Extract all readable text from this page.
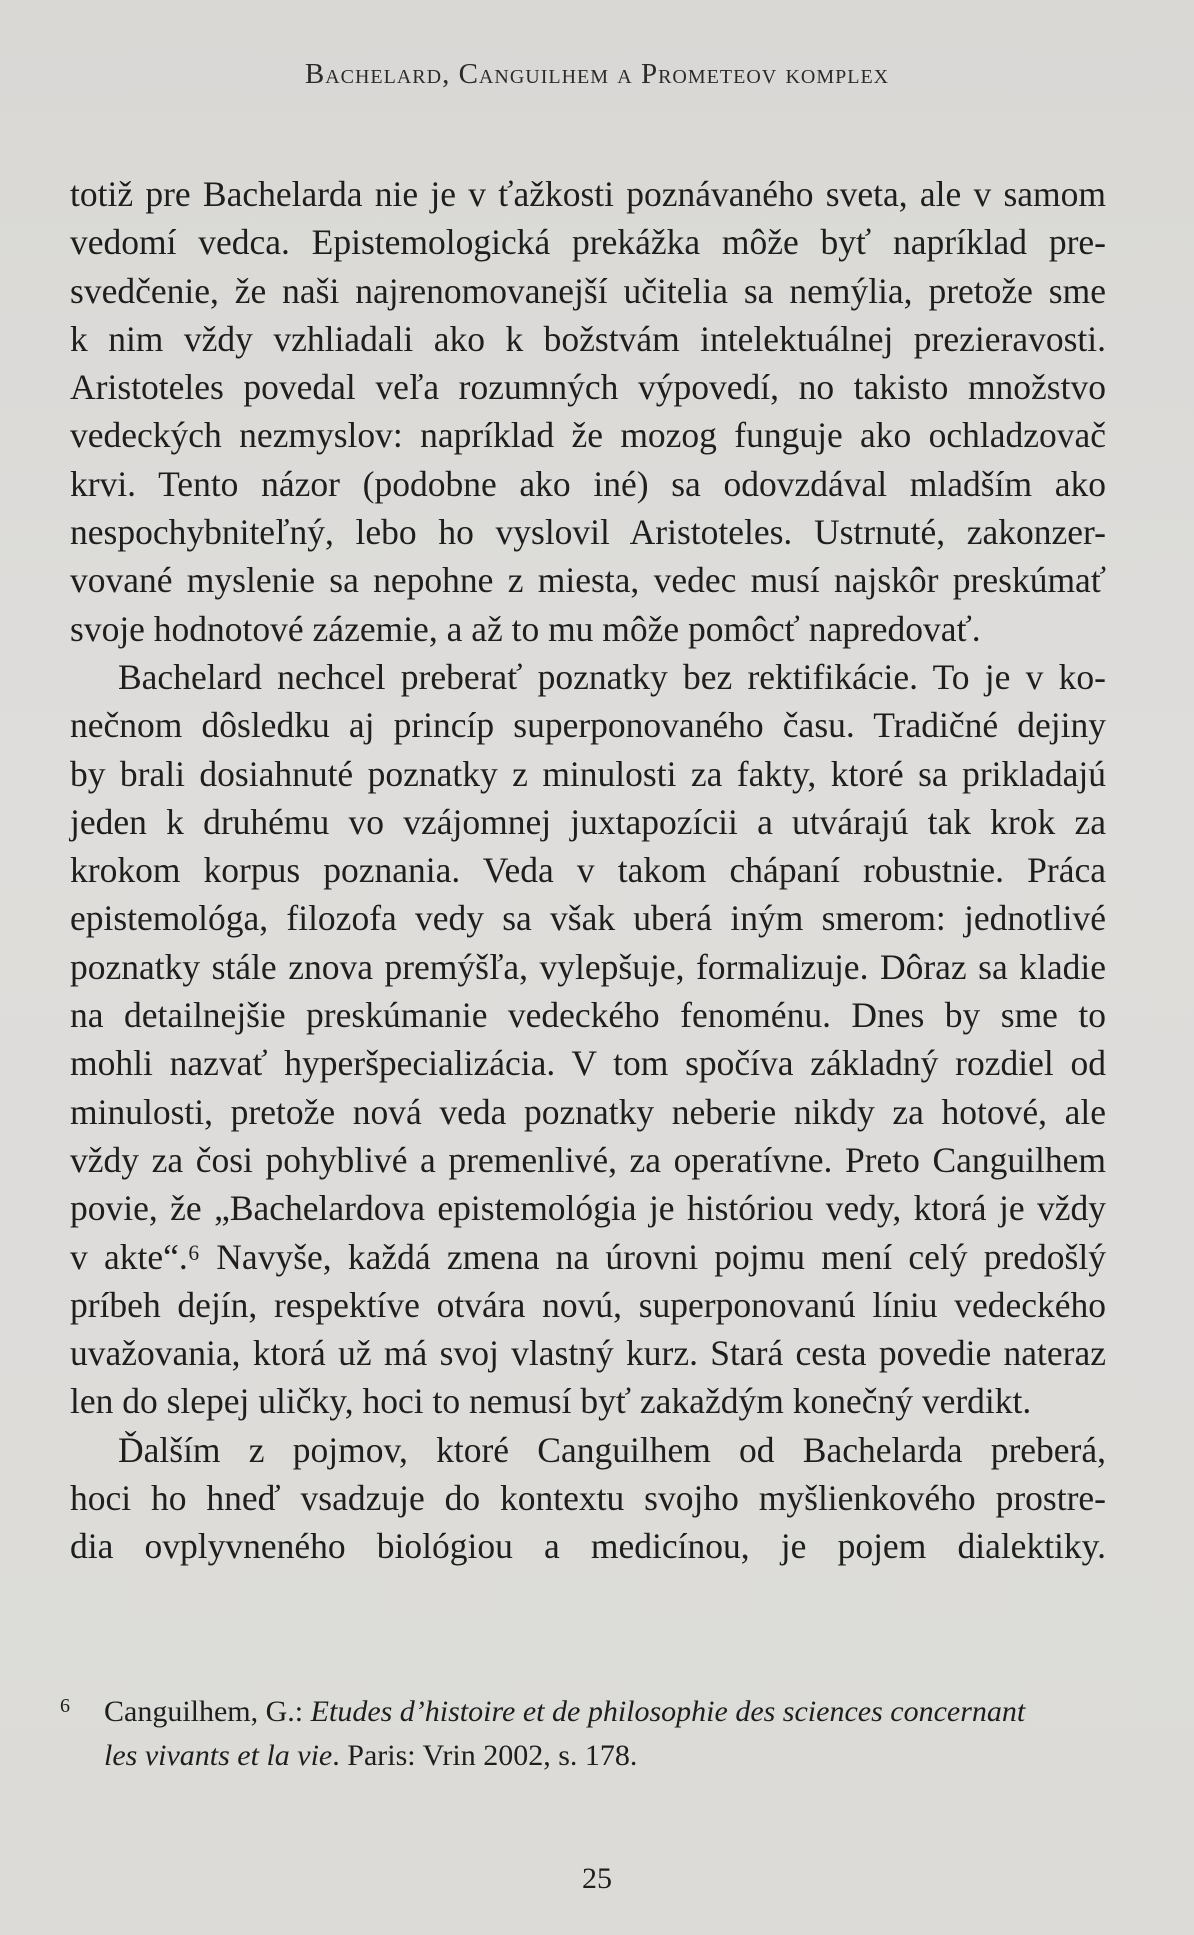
Bachelard, Canguilhem a Prometeov komplex
totiž pre Bachelarda nie je v ťažkosti poznávaného sveta, ale v samom
vedomí vedca. Epistemologická prekážka môže byť napríklad pre-
svedčenie, že naši najrenomovanejší učitelia sa nemýlia, pretože sme
k nim vždy vzhliadali ako k božstvám intelektuálnej prezieravosti.
Aristoteles povedal veľa rozumných výpovedí, no takisto množstvo
vedeckých nezmyslov: napríklad že mozog funguje ako ochladzovač
krvi. Tento názor (podobne ako iné) sa odovzdával mladším ako
nespochybniteľný, lebo ho vyslovil Aristoteles. Ustrnuté, zakonzer-
vované myslenie sa nepohne z miesta, vedec musí najskôr preskúmať
svoje hodnotové zázemie, a až to mu môže pomôcť napredovať.
Bachelard nechcel preberať poznatky bez rektifikácie. To je v ko-
nečnom dôsledku aj princíp superponovaného času. Tradičné dejiny
by brali dosiahnuté poznatky z minulosti za fakty, ktoré sa prikladajú
jeden k druhému vo vzájomnej juxtapozícii a utvárajú tak krok za
krokom korpus poznania. Veda v takom chápaní robustnie. Práca
epistemológa, filozofa vedy sa však uberá iným smerom: jednotlivé
poznatky stále znova premýšľa, vylepšuje, formalizuje. Dôraz sa kladie
na detailnejšie preskúmanie vedeckého fenoménu. Dnes by sme to
mohli nazvať hyperšpecializácia. V tom spočíva základný rozdiel od
minulosti, pretože nová veda poznatky neberie nikdy za hotové, ale
vždy za čosi pohyblivé a premenlivé, za operatívne. Preto Canguilhem
povie, že „Bachelardova epistemológia je históriou vedy, ktorá je vždy
v akte“.⁶ Navyše, každá zmena na úrovni pojmu mení celý predošlý
príbeh dejín, respektíve otvára novú, superponovanú líniu vedeckého
uvažovania, ktorá už má svoj vlastný kurz. Stará cesta povedie nateraz
len do slepej uličky, hoci to nemusí byť zakaždým konečný verdikt.
Ďalším z pojmov, ktoré Canguilhem od Bachelarda preberá,
hoci ho hneď vsadzuje do kontextu svojho myšlienkového prostre-
dia ovplyvneného biológiou a medicínou, je pojem dialektiky.
6	Canguilhem, G.: Etudes d’histoire et de philosophie des sciences concernant
les vivants et la vie. Paris: Vrin 2002, s. 178.
25
